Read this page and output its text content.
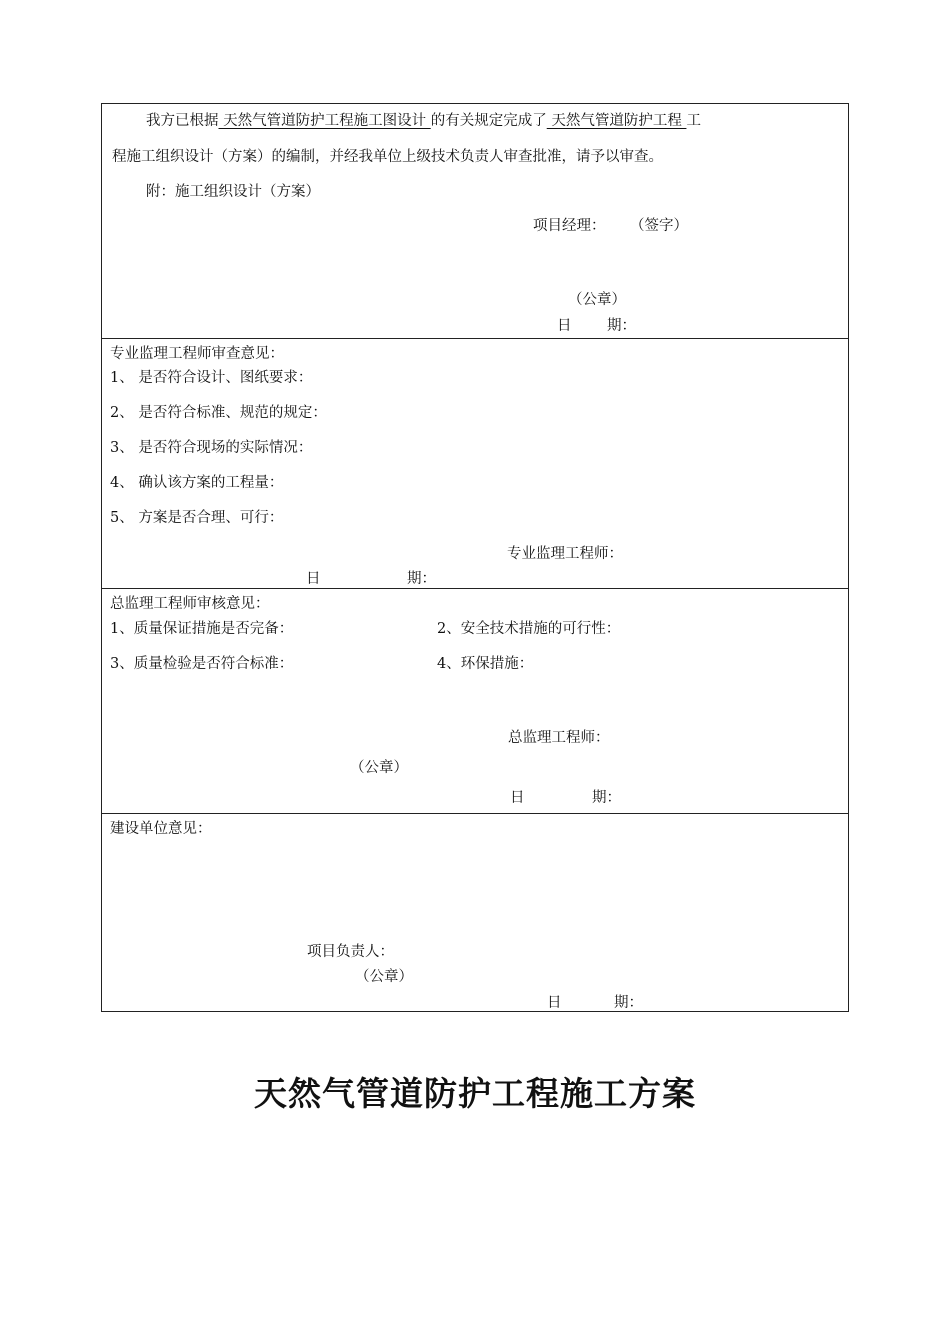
我方已根据 天然气管道防护工程施工图设计 的有关规定完成了 天然气管道防护工程 工
程施工组织设计（方案）的编制，并经我单位上级技术负责人审查批准，请予以审查。
附：施工组织设计（方案）
项目经理： （签字）
（公章）
日 期：
专业监理工程师审查意见：
1、 是否符合设计、图纸要求：
2、 是否符合标准、规范的规定：
3、 是否符合现场的实际情况：
4、 确认该方案的工程量：
5、 方案是否合理、可行：
专业监理工程师：
日	期：
总监理工程师审核意见：
1、质量保证措施是否完备：	2、安全技术措施的可行性：
3、质量检验是否符合标准：	4、环保措施：
总监理工程师：
（公章）
日	期：
建设单位意见：
项目负责人：
（公章）
日	期：
天然气管道防护工程施工方案
